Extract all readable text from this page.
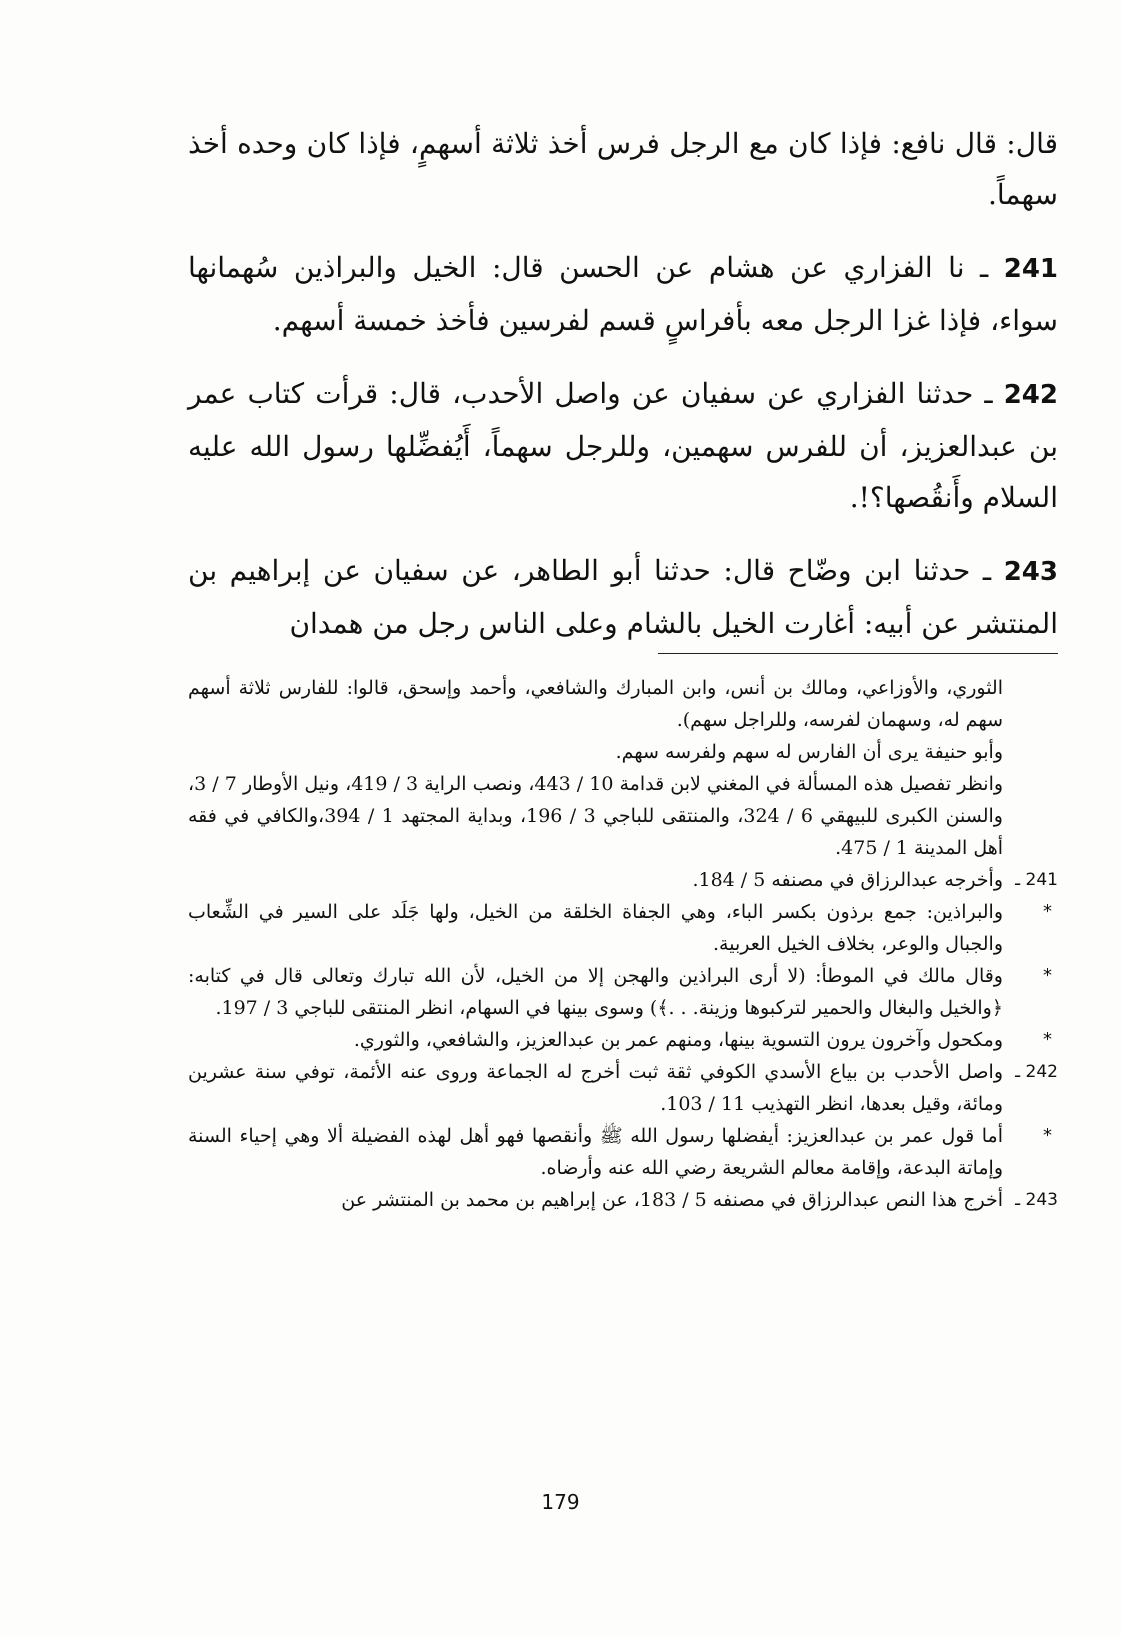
قال: قال نافع: فإذا كان مع الرجل فرس أخذ ثلاثة أسهمٍ، فإذا كان وحده أخذ سهماً.

241 ـ نا الفزاري عن هشام عن الحسن قال: الخيل والبراذين سُهمانها سواء، فإذا غزا الرجل معه بأفراسٍ قسم لفرسين فأخذ خمسة أسهم.

242 ـ حدثنا الفزاري عن سفيان عن واصل الأحدب، قال: قرأت كتاب عمر بن عبدالعزيز، أن للفرس سهمين، وللرجل سهماً، أَيُفضِّلها رسول الله عليه السلام وأَنقُصها؟!.

243 ـ حدثنا ابن وضّاح قال: حدثنا أبو الطاهر، عن سفيان عن إبراهيم بن المنتشر عن أبيه: أغارت الخيل بالشام وعلى الناس رجل من همدان

الثوري، والأوزاعي، ومالك بن أنس، وابن المبارك والشافعي، وأحمد وإسحق، قالوا: للفارس ثلاثة أسهم سهم له، وسهمان لفرسه، وللراجل سهم).

وأبو حنيفة يرى أن الفارس له سهم ولفرسه سهم.

وانظر تفصيل هذه المسألة في المغني لابن قدامة 10 / 443، ونصب الراية 3 / 419، ونيل الأوطار 7 / 3، والسنن الكبرى للبيهقي 6 / 324، والمنتقى للباجي 3 / 196، وبداية المجتهد 1 / 394،والكافي في فقه أهل المدينة 1 / 475.

241 ـ
وأخرجه عبدالرزاق في مصنفه 5 / 184.
*
والبراذين: جمع برذون بكسر الباء، وهي الجفاة الخلقة من الخيل، ولها جَلَد على السير في الشِّعاب والجبال والوعر، بخلاف الخيل العربية.
*
وقال مالك في الموطأ: (لا أرى البراذين والهجن إلا من الخيل، لأن الله تبارك وتعالى قال في كتابه: ﴿والخيل والبغال والحمير لتركبوها وزينة. . .﴾) وسوى بينها في السهام، انظر المنتقى للباجي 3 / 197.
*
ومكحول وآخرون يرون التسوية بينها، ومنهم عمر بن عبدالعزيز، والشافعي، والثوري.
242 ـ
واصل الأحدب بن بياع الأسدي الكوفي ثقة ثبت أخرج له الجماعة وروى عنه الأئمة، توفي سنة عشرين ومائة، وقيل بعدها، انظر التهذيب 11 / 103.
*
أما قول عمر بن عبدالعزيز: أيفضلها رسول الله ﷺ وأنقصها فهو أهل لهذه الفضيلة ألا وهي إحياء السنة وإماتة البدعة، وإقامة معالم الشريعة رضي الله عنه وأرضاه.
243 ـ
أخرج هذا النص عبدالرزاق في مصنفه 5 / 183، عن إبراهيم بن محمد بن المنتشر عن
179
